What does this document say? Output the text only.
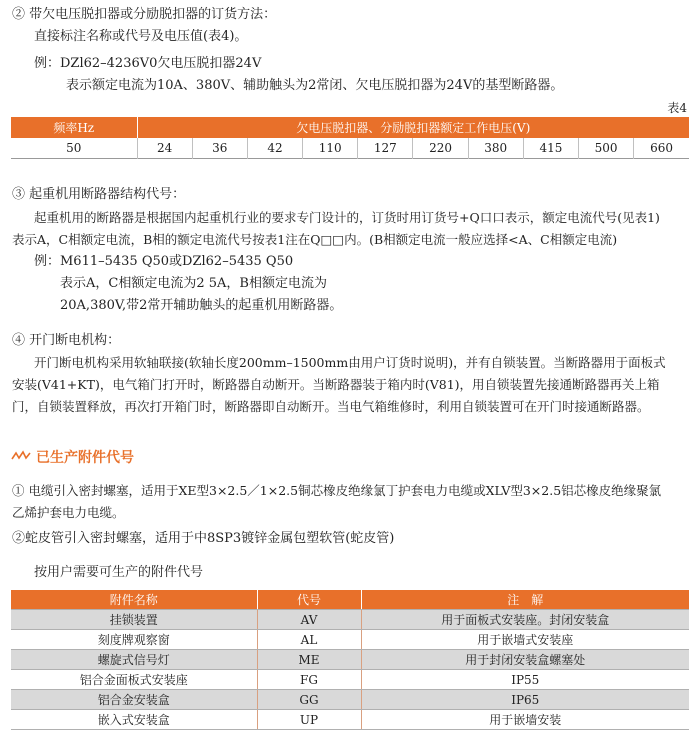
② 带欠电压脱扣器或分励脱扣器的订货方法：
直接标注名称或代号及电压值(表4)。
例：DZl62–4236V0欠电压脱扣器24V
表示额定电流为10A、380V、辅助触头为2常闭、欠电压脱扣器为24V的基型断路器。
表4
频率Hz	欠电压脱扣器、分励脱扣器额定工作电压(V)									
50	24	36	42	110	127	220	380	415	500	660
③ 起重机用断路器结构代号：
起重机用的断路器是根据国内起重机行业的要求专门设计的，订货时用订货号+Q口口表示，额定电流代号(见表1)
表示A，C相额定电流，B相的额定电流代号按表1注在Q□□内。(B相额定电流一般应选择<A、C相额定电流)
例：M611–5435 Q50或DZl62–5435 Q50
表示A，C相额定电流为2 5A，B相额定电流为
20A,380V,带2常开辅助触头的起重机用断路器。
④ 开门断电机构：
开门断电机构采用软轴联接(软轴长度200mm–1500mm由用户订货时说明)，并有自锁装置。当断路器用于面板式
安装(V41+KT)，电气箱门打开时，断路器自动断开。当断路器装于箱内时(V81)，用自锁装置先接通断路器再关上箱
门，自锁装置释放，再次打开箱门时，断路器即自动断开。当电气箱维修时，利用自锁装置可在开门时接通断路器。
已生产附件代号
① 电缆引入密封螺塞，适用于XE型3×2.5／1×2.5铜芯橡皮绝缘氯丁护套电力电缆或XLV型3×2.5铝芯橡皮绝缘聚氯
乙烯护套电力电缆。
②蛇皮管引入密封螺塞，适用于中8SP3镀锌金属包塑软管(蛇皮管)
按用户需要可生产的附件代号
附件名称	代号	注　解
挂锁装置	AV	用于面板式安装座。封闭安装盒
刻度牌观察窗	AL	用于嵌墙式安装座
螺旋式信号灯	ME	用于封闭安装盒螺塞处
铝合金面板式安装座	FG	IP55
铝合金安装盒	GG	IP65
嵌入式安装盒	UP	用于嵌墙安装
